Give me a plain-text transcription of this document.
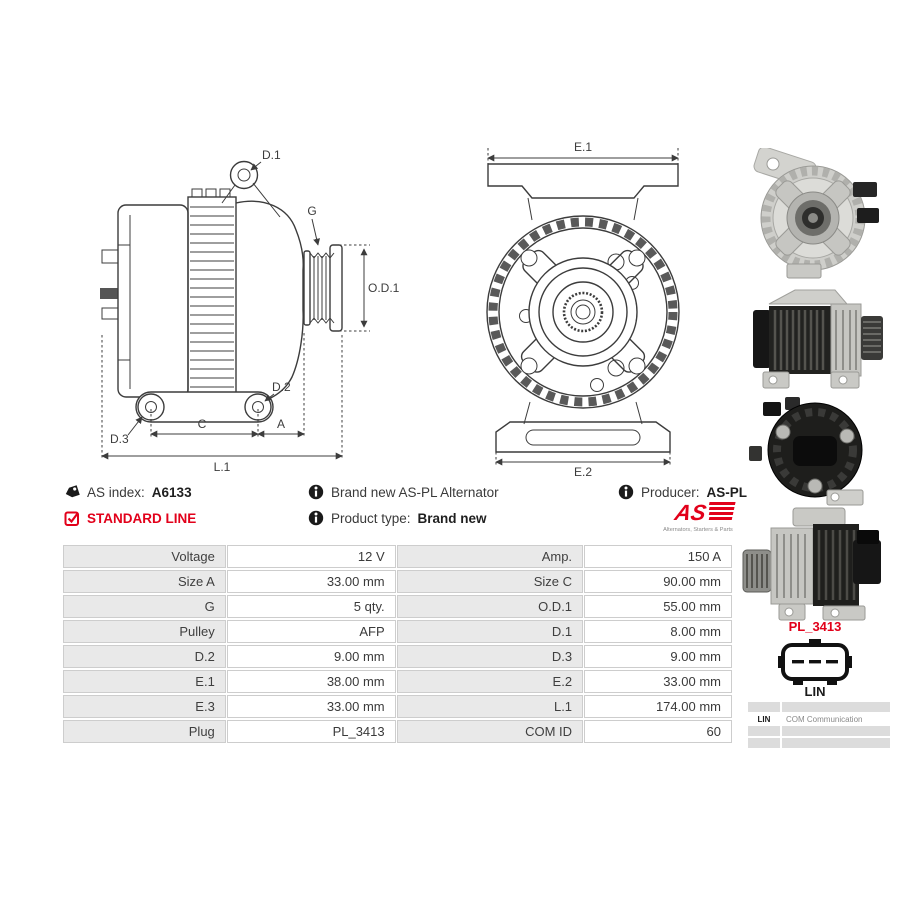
D.1
G
O.D.1
D.2
D.3
C	A
L.1
E.1
E.2
AS index: A6133
STANDARD LINE
Brand new AS-PL Alternator
Product type: Brand new
Producer: AS-PL
AS
Alternators, Starters & Parts
Voltage	12 V	Amp.	150 A
Size A	33.00 mm	Size C	90.00 mm
G	5 qty.	O.D.1	55.00 mm
Pulley	AFP	D.1	8.00 mm
D.2	9.00 mm	D.3	9.00 mm
E.1	38.00 mm	E.2	33.00 mm
E.3	33.00 mm	L.1	174.00 mm
Plug	PL_3413	COM ID	60
PL_3413
LIN
LIN	COM Communication
